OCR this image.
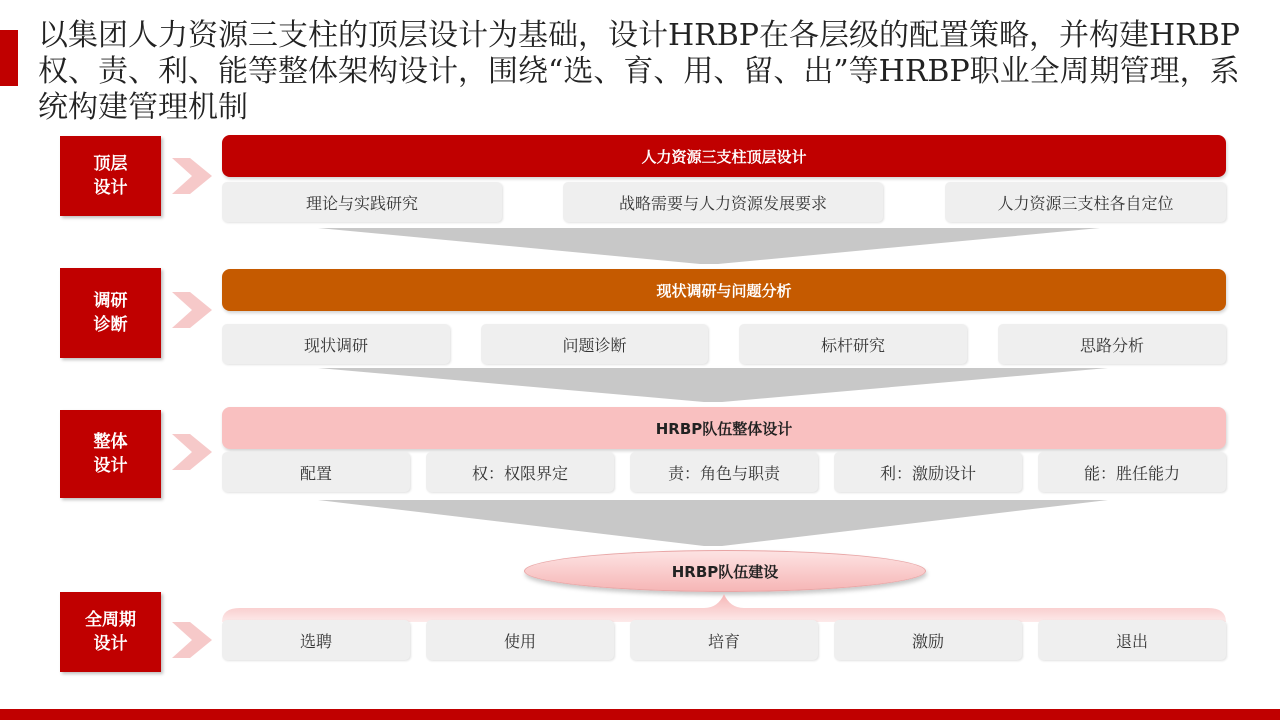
以集团人力资源三支柱的顶层设计为基础，设计HRBP在各层级的配置策略，并构建HRBP权、责、利、能等整体架构设计，围绕“选、育、用、留、出”等HRBP职业全周期管理，系统构建管理机制
顶层设计
人力资源三支柱顶层设计
理论与实践研究	战略需要与人力资源发展要求	人力资源三支柱各自定位
调研诊断
现状调研与问题分析
现状调研	问题诊断	标杆研究	思路分析
整体设计
HRBP队伍整体设计
配置	权：权限界定	责：角色与职责	利：激励设计	能：胜任能力
全周期设计
HRBP队伍建设
选聘	使用	培育	激励	退出
